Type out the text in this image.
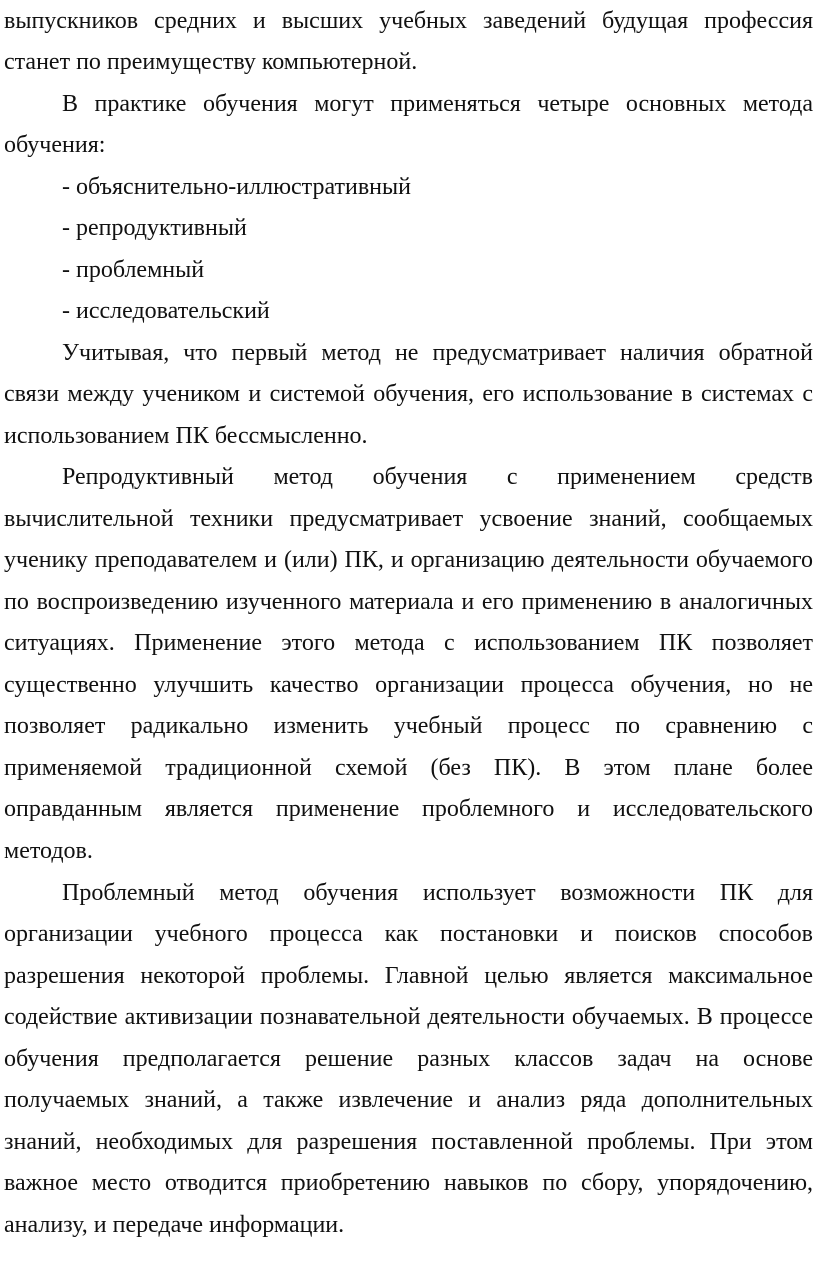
выпускников средних и высших учебных заведений будущая профессия
станет по преимуществу компьютерной.
В практике обучения могут применяться четыре основных метода
обучения:
- объяснительно-иллюстративный
- репродуктивный
- проблемный
- исследовательский
Учитывая, что первый метод не предусматривает наличия обратной
связи между учеником и системой обучения, его использование в системах с
использованием ПК бессмысленно.
Репродуктивный метод обучения с применением средств
вычислительной техники предусматривает усвоение знаний, сообщаемых
ученику преподавателем и (или) ПК, и организацию деятельности обучаемого
по воспроизведению изученного материала и его применению в аналогичных
ситуациях. Применение этого метода с использованием ПК позволяет
существенно улучшить качество организации процесса обучения, но не
позволяет радикально изменить учебный процесс по сравнению с
применяемой традиционной схемой (без ПК). В этом плане более
оправданным является применение проблемного и исследовательского
методов.
Проблемный метод обучения использует возможности ПК для
организации учебного процесса как постановки и поисков способов
разрешения некоторой проблемы. Главной целью является максимальное
содействие активизации познавательной деятельности обучаемых. В процессе
обучения предполагается решение разных классов задач на основе
получаемых знаний, а также извлечение и анализ ряда дополнительных
знаний, необходимых для разрешения поставленной проблемы. При этом
важное место отводится приобретению навыков по сбору, упорядочению,
анализу, и передаче информации.
